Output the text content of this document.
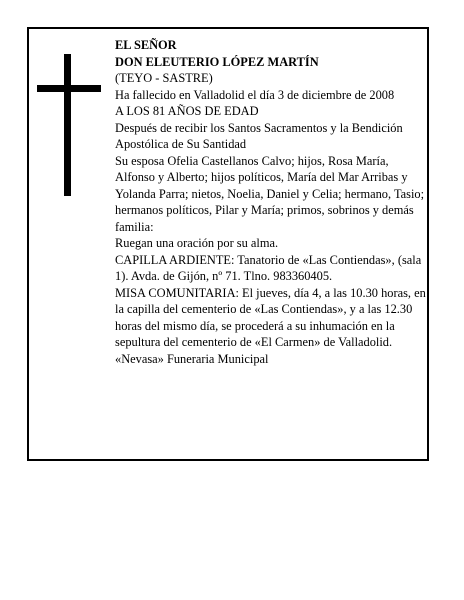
EL SEÑOR

DON ELEUTERIO LÓPEZ MARTÍN

(TEYO - SASTRE)

Ha fallecido en Valladolid el día 3 de diciembre de 2008

A LOS 81 AÑOS DE EDAD

Después de recibir los Santos Sacramentos y la Bendición Apostólica de Su Santidad

Su esposa Ofelia Castellanos Calvo; hijos, Rosa María, Alfonso y Alberto; hijos políticos, María del Mar Arribas y Yolanda Parra; nietos, Noelia, Daniel y Celia; hermano, Tasio; hermanos políticos, Pilar y María; primos, sobrinos y demás familia:

Ruegan una oración por su alma.

CAPILLA ARDIENTE: Tanatorio de «Las Contiendas», (sala 1). Avda. de Gijón, nº 71. Tlno. 983360405.

MISA COMUNITARIA: El jueves, día 4, a las 10.30 horas, en la capilla del cementerio de «Las Contiendas», y a las 12.30 horas del mismo día, se procederá a su inhumación en la sepultura del cementerio de «El Carmen» de Valladolid.

«Nevasa» Funeraria Municipal
